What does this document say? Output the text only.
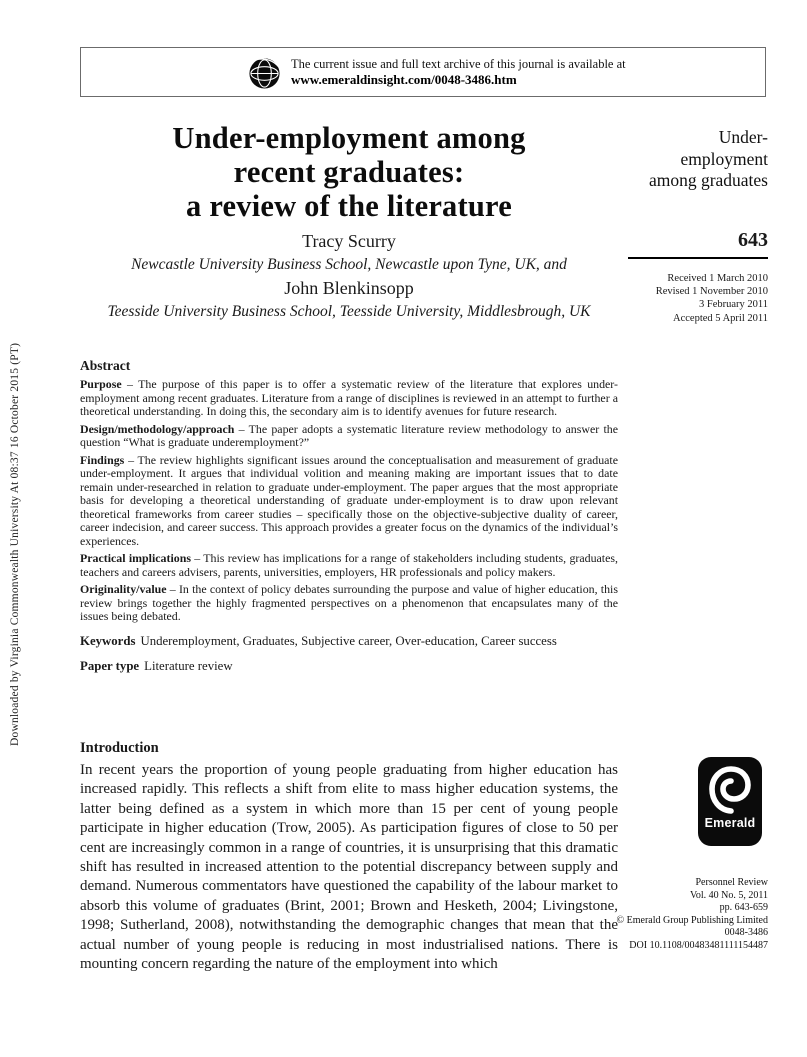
Downloaded by Virginia Commonwealth University At 08:37 16 October 2015 (PT)
The current issue and full text archive of this journal is available at
www.emeraldinsight.com/0048-3486.htm
Under-employment among
recent graduates:
a review of the literature
Tracy Scurry
Newcastle University Business School, Newcastle upon Tyne, UK, and
John Blenkinsopp
Teesside University Business School, Teesside University, Middlesbrough, UK
Abstract

Purpose – The purpose of this paper is to offer a systematic review of the literature that explores under-employment among recent graduates. Literature from a range of disciplines is reviewed in an attempt to further a theoretical understanding. In doing this, the secondary aim is to identify avenues for future research.

Design/methodology/approach – The paper adopts a systematic literature review methodology to answer the question “What is graduate underemployment?”

Findings – The review highlights significant issues around the conceptualisation and measurement of graduate under-employment. It argues that individual volition and meaning making are important issues that to date remain under-researched in relation to graduate under-employment. The paper argues that the most appropriate basis for developing a theoretical understanding of graduate under-employment is to draw upon relevant theoretical frameworks from career studies – specifically those on the objective-subjective duality of career, career indecision, and career success. This approach provides a greater focus on the dynamics of the individual’s experiences.

Practical implications – This review has implications for a range of stakeholders including students, graduates, teachers and careers advisers, parents, universities, employers, HR professionals and policy makers.

Originality/value – In the context of policy debates surrounding the purpose and value of higher education, this review brings together the highly fragmented perspectives on a phenomenon that encapsulates many of the issues being debated.

Keywords Underemployment, Graduates, Subjective career, Over-education, Career success
Paper type Literature review
Introduction

In recent years the proportion of young people graduating from higher education has increased rapidly. This reflects a shift from elite to mass higher education systems, the latter being defined as a system in which more than 15 per cent of young people participate in higher education (Trow, 2005). As participation figures of close to 50 per cent are increasingly common in a range of countries, it is unsurprising that this dramatic shift has resulted in increased attention to the potential discrepancy between supply and demand. Numerous commentators have questioned the capability of the labour market to absorb this volume of graduates (Brint, 2001; Brown and Hesketh, 2004; Livingstone, 1998; Sutherland, 2008), notwithstanding the demographic changes that mean that the actual number of young people is reducing in most industrialised nations. There is mounting concern regarding the nature of the employment into which

Under-
employment
among graduates
643
Received 1 March 2010
Revised 1 November 2010
3 February 2011
Accepted 5 April 2011
Emerald
Personnel Review
Vol. 40 No. 5, 2011
pp. 643-659
© Emerald Group Publishing Limited
0048-3486
DOI 10.1108/00483481111154487
